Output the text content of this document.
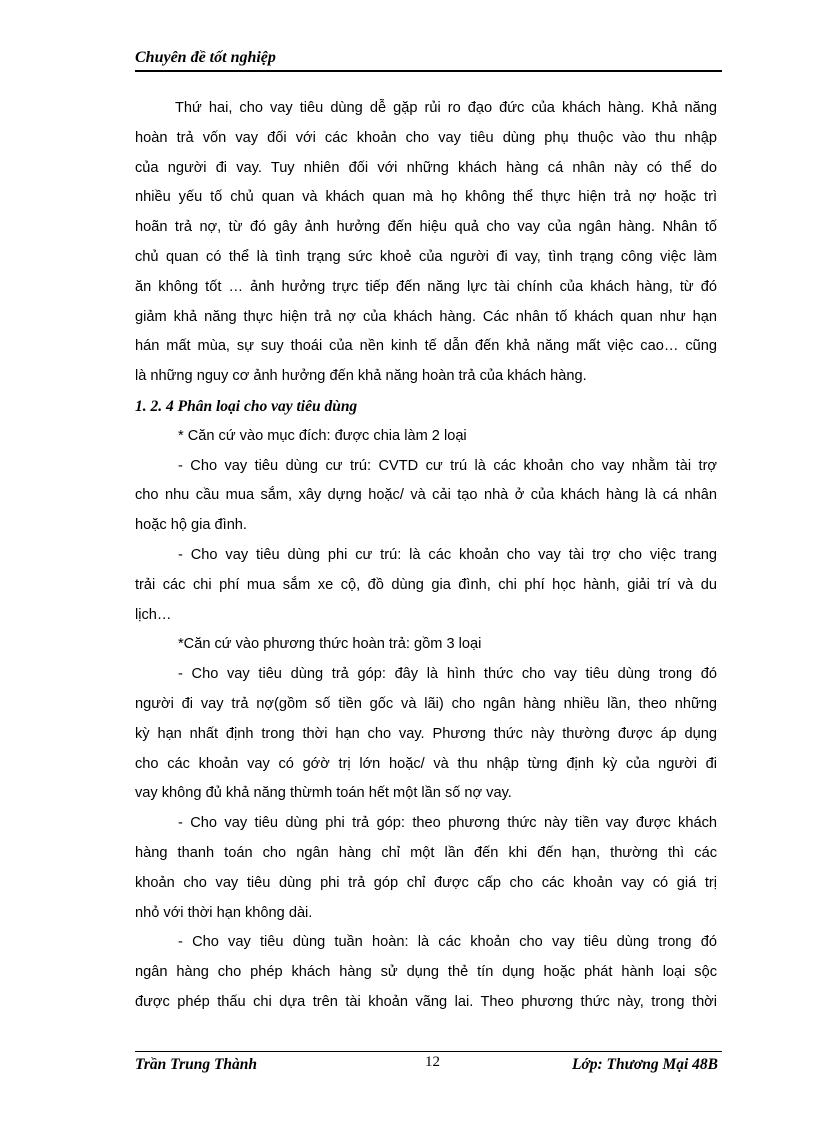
Chuyên đề tốt nghiệp
Thứ hai, cho vay tiêu dùng dễ gặp rủi ro đạo đức của khách hàng. Khả năng
hoàn trả vốn vay đối với các khoản cho vay tiêu dùng phụ thuộc vào thu nhập
của người đi vay. Tuy nhiên đối với những khách hàng cá nhân này có thể do
nhiều yếu tố chủ quan và khách quan mà họ không thể thực hiện trả nợ hoặc trì
hoãn trả nợ, từ đó gây ảnh hưởng đến hiệu quả cho vay của ngân hàng. Nhân tố
chủ quan có thể là tình trạng sức khoẻ của người đi vay, tình trạng công việc làm
ăn không tốt … ảnh hưởng trực tiếp đến năng lực tài chính của khách hàng, từ đó
giảm khả năng thực hiện trả nợ của khách hàng. Các nhân tố khách quan như hạn
hán mất mùa, sự suy thoái của nền kinh tế dẫn đến khả năng mất việc cao… cũng
là những nguy cơ ảnh hưởng đến khả năng hoàn trả của khách hàng.
1. 2. 4 Phân loại cho vay tiêu dùng
* Căn cứ vào mục đích: được chia làm 2 loại
- Cho vay tiêu dùng cư trú: CVTD cư trú là các khoản cho vay nhằm tài trợ
cho nhu cầu mua sắm, xây dựng hoặc/ và cải tạo nhà ở của khách hàng là cá nhân
hoặc hộ gia đình.
- Cho vay tiêu dùng phi cư trú: là các khoản cho vay tài trợ cho việc trang
trải các chi phí mua sắm xe cộ, đồ dùng gia đình, chi phí học hành, giải trí và du
lịch…
*Căn cứ vào phương thức hoàn trả: gồm 3 loại
- Cho vay tiêu dùng trả góp: đây là hình thức cho vay tiêu dùng trong đó
người đi vay trả nợ(gồm số tiền gốc và lãi) cho ngân hàng nhiều lần, theo những
kỳ hạn nhất định trong thời hạn cho vay. Phương thức này thường được áp dụng
cho các khoản vay có gớờ trị lớn hoặc/ và thu nhập từng định kỳ của người đi
vay không đủ khả năng thừmh toán hết một lần số nợ vay.
- Cho vay tiêu dùng phi trả góp: theo phương thức này tiền vay được khách
hàng thanh toán cho ngân hàng chỉ một lần đến khi đến hạn, thường thì các
khoản cho vay tiêu dùng phi trả góp chỉ được cấp cho các khoản vay có giá trị
nhỏ với thời hạn không dài.
- Cho vay tiêu dùng tuần hoàn: là các khoản cho vay tiêu dùng trong đó
ngân hàng cho phép khách hàng sử dụng thẻ tín dụng hoặc phát hành loại sộc
được phép thấu chi dựa trên tài khoản vãng lai. Theo phương thức này, trong thời
Trần Trung Thành	12	Lớp: Thương Mại 48B
